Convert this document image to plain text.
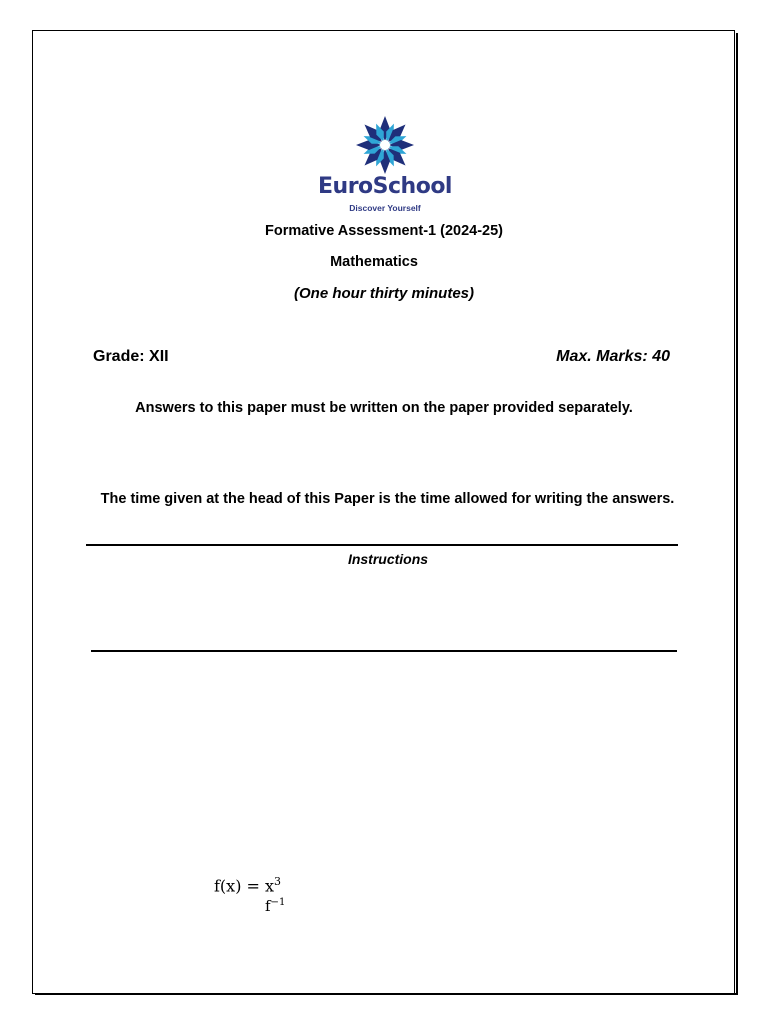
EuroSchool
Discover Yourself
Formative Assessment-1 (2024-25)
Mathematics
(One hour thirty minutes)
Grade: XII	Max. Marks: 40
Answers to this paper must be written on the paper provided separately.
The time given at the head of this Paper is the time allowed for writing the answers.
Instructions
$f(x) = x^3$
$f^{-1}$
